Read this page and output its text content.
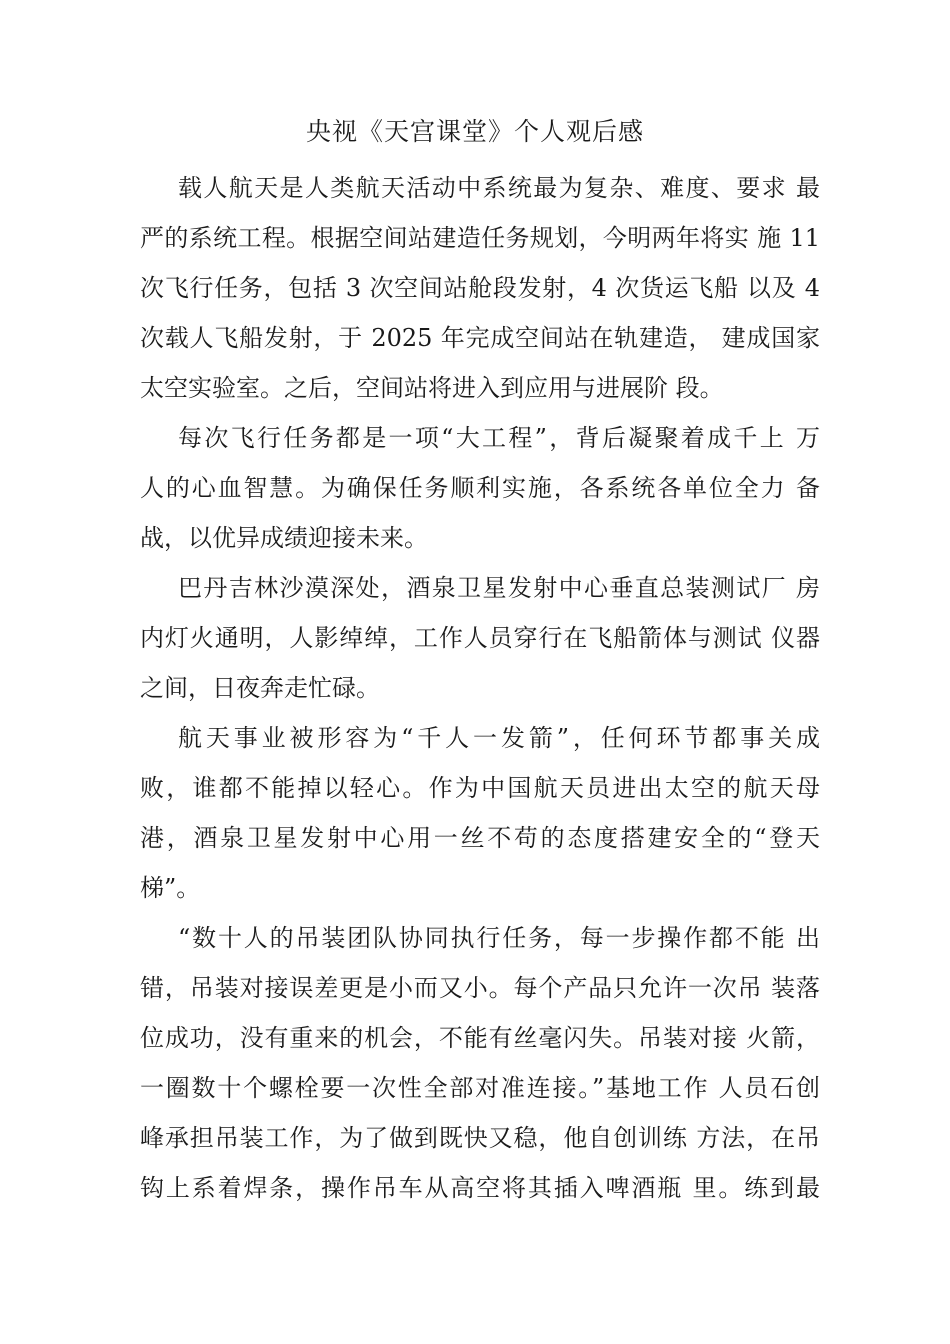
央视《天宫课堂》个人观后感
载人航天是人类航天活动中系统最为复杂、难度、要求 最
严的系统工程。根据空间站建造任务规划，今明两年将实 施 11
次飞行任务，包括 3 次空间站舱段发射，4 次货运飞船 以及 4
次载人飞船发射，于 2025 年完成空间站在轨建造， 建成国家
太空实验室。之后，空间站将进入到应用与进展阶 段。
每次飞行任务都是一项“大工程”，背后凝聚着成千上 万
人的心血智慧。为确保任务顺利实施，各系统各单位全力 备
战，以优异成绩迎接未来。
巴丹吉林沙漠深处，酒泉卫星发射中心垂直总装测试厂 房
内灯火通明，人影绰绰，工作人员穿行在飞船箭体与测试 仪器
之间，日夜奔走忙碌。
航天事业被形容为“千人一发箭”，任何环节都事关成
败，谁都不能掉以轻心。作为中国航天员进出太空的航天母
港，酒泉卫星发射中心用一丝不苟的态度搭建安全的“登天
梯”。
“数十人的吊装团队协同执行任务，每一步操作都不能 出
错，吊装对接误差更是小而又小。每个产品只允许一次吊 装落
位成功，没有重来的机会，不能有丝毫闪失。吊装对接 火箭，
一圈数十个螺栓要一次性全部对准连接。”基地工作 人员石创
峰承担吊装工作，为了做到既快又稳，他自创训练 方法，在吊
钩上系着焊条，操作吊车从高空将其插入啤酒瓶 里。练到最
